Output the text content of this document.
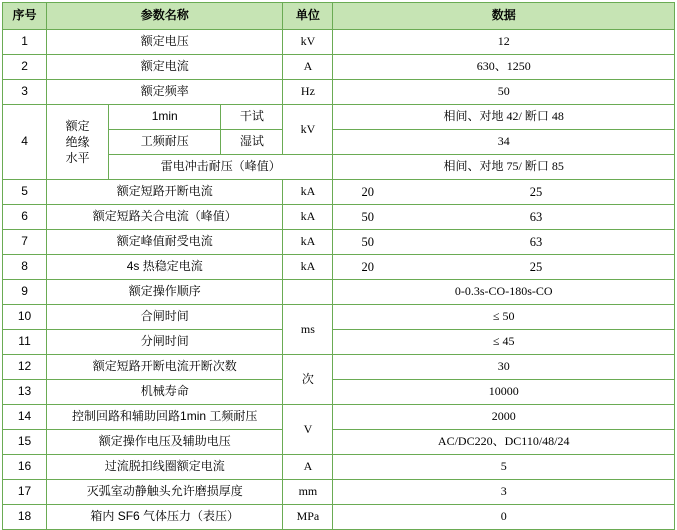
序号	参数名称			单位	数据
1	额定电压			kV	12
2	额定电流			A	630、1250
3	额定频率			Hz	50
4	额定
绝缘
水平	1min	干试	kV	相间、对地 42/ 断口 48
		工频耐压	湿试		34
		雷电冲击耐压（峰值）			相间、对地 75/ 断口 85
5	额定短路开断电流			kA	20 25

6	额定短路关合电流（峰值）			kA	50 63

7	额定峰值耐受电流			kA	50 63

8	4s 热稳定电流			kA	20 25

9	额定操作顺序				0-0.3s-CO-180s-CO
10	合闸时间			ms	≤ 50
11	分闸时间				≤ 45
12	额定短路开断电流开断次数			次	30
13	机械寿命				10000
14	控制回路和辅助回路1min 工频耐压			V	2000
15	额定操作电压及辅助电压				AC/DC220、DC110/48/24
16	过流脱扣线圈额定电流			A	5
17	灭弧室动静触头允许磨损厚度			mm	3
18	箱内 SF6 气体压力（表压）			MPa	0
